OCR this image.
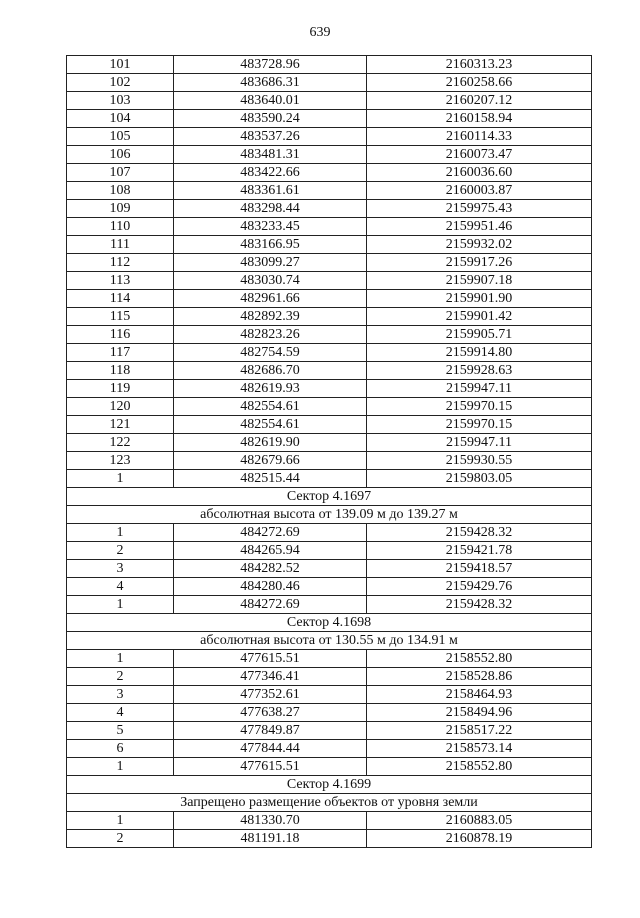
639
101	483728.96	2160313.23
102	483686.31	2160258.66
103	483640.01	2160207.12
104	483590.24	2160158.94
105	483537.26	2160114.33
106	483481.31	2160073.47
107	483422.66	2160036.60
108	483361.61	2160003.87
109	483298.44	2159975.43
110	483233.45	2159951.46
111	483166.95	2159932.02
112	483099.27	2159917.26
113	483030.74	2159907.18
114	482961.66	2159901.90
115	482892.39	2159901.42
116	482823.26	2159905.71
117	482754.59	2159914.80
118	482686.70	2159928.63
119	482619.93	2159947.11
120	482554.61	2159970.15
121	482554.61	2159970.15
122	482619.90	2159947.11
123	482679.66	2159930.55
1	482515.44	2159803.05
Сектор 4.1697		
абсолютная высота от 139.09 м до 139.27 м		
1	484272.69	2159428.32
2	484265.94	2159421.78
3	484282.52	2159418.57
4	484280.46	2159429.76
1	484272.69	2159428.32
Сектор 4.1698		
абсолютная высота от 130.55 м до 134.91 м		
1	477615.51	2158552.80
2	477346.41	2158528.86
3	477352.61	2158464.93
4	477638.27	2158494.96
5	477849.87	2158517.22
6	477844.44	2158573.14
1	477615.51	2158552.80
Сектор 4.1699		
Запрещено размещение объектов от уровня земли		
1	481330.70	2160883.05
2	481191.18	2160878.19
